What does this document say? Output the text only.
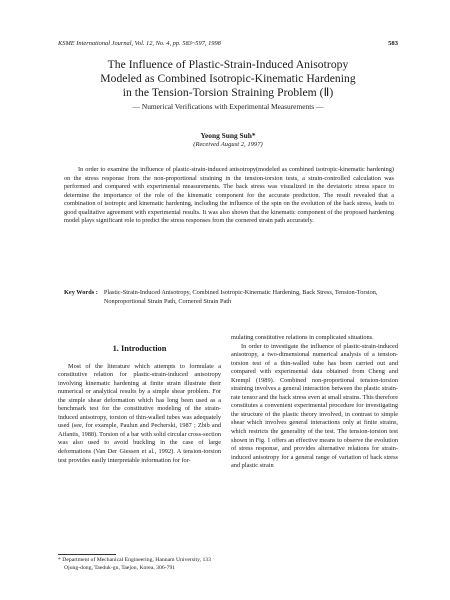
KSME International Journal, Vol. 12, No. 4, pp. 583~597, 1998	583
The Influence of Plastic-Strain-Induced Anisotropy
Modeled as Combined Isotropic-Kinematic Hardening
in the Tension-Torsion Straining Problem (Ⅱ)
— Numerical Verifications with Experimental Measurements —
Yeong Sung Suh*
(Received August 2, 1997)
In order to examine the influence of plastic-strain-induced anisotropy(modeled as combined isotropic-kinematic hardening) on the stress response from the non-proportional straining in the tension-torsion tests, a strain-controlled calculation was performed and compared with experimental measurements. The back stress was visualized in the deviatoric stress space to determine the importance of the role of the kinematic component for the accurate prediction. The result revealed that a combination of isotropic and kinematic hardening, including the influence of the spin on the evolution of the back stress, leads to good qualitative agreement with experimental results. It was also shown that the kinematic component of the proposed hardening model plays significant role to predict the stress responses from the cornered strain path accurately.
Key Words : Plastic-Strain-Induced Anisotropy, Combined Isotropic-Kinematic Hardening, Back Stress, Tension-Torsion, Nonproportional Strain Path, Cornered Strain Path
1. Introduction

Most of the literature which attempts to formulate a constitutive relation for plastic-strain-induced anisotropy involving kinematic hardening at finite strain illustrate their numerical or analytical results by a simple shear problem. For the simple shear deformation which has long been used as a benchmark test for the constitutive modeling of the strain-induced anisotropy, torsion of thin-walled tubes was adequately used (see, for example, Paulun and Pecherski, 1987 ; Zbib and Aifantis, 1988). Torsion of a bar with solid circular cross-section was also used to avoid buckling in the case of large deformations (Van Der Giessen et al., 1992). A tension-torsion test provides easily interpretable information for for-

mulating constitutive relations in complicated situations.

In order to investigate the influence of plastic-strain-induced anisotropy, a two-dimensional numerical analysis of a tension-torsion test of a thin-walled tube has been carried out and compared with experimental data obtained from Cheng and Krempl (1989). Combined non-proportional tension-torsion straining involves a general interaction between the plastic strain-rate tensor and the back stress even at small strains. This therefore constitutes a convenient experimental procedure for investigating the structure of the plastic theory involved, in contrast to simple shear which involves general interactions only at finite strains, which restricts the generality of the test. The tension-torsion test shown in Fig. 1 offers an effective means to observe the evolution of stress response, and provides alternative relations for strain-induced anisotropy for a general range of variation of back stress and plastic strain

* Department of Mechanical Engineering, Hannam University, 133 Ojung-dong, Taeduk-gu, Taejon, Korea, 306-791
